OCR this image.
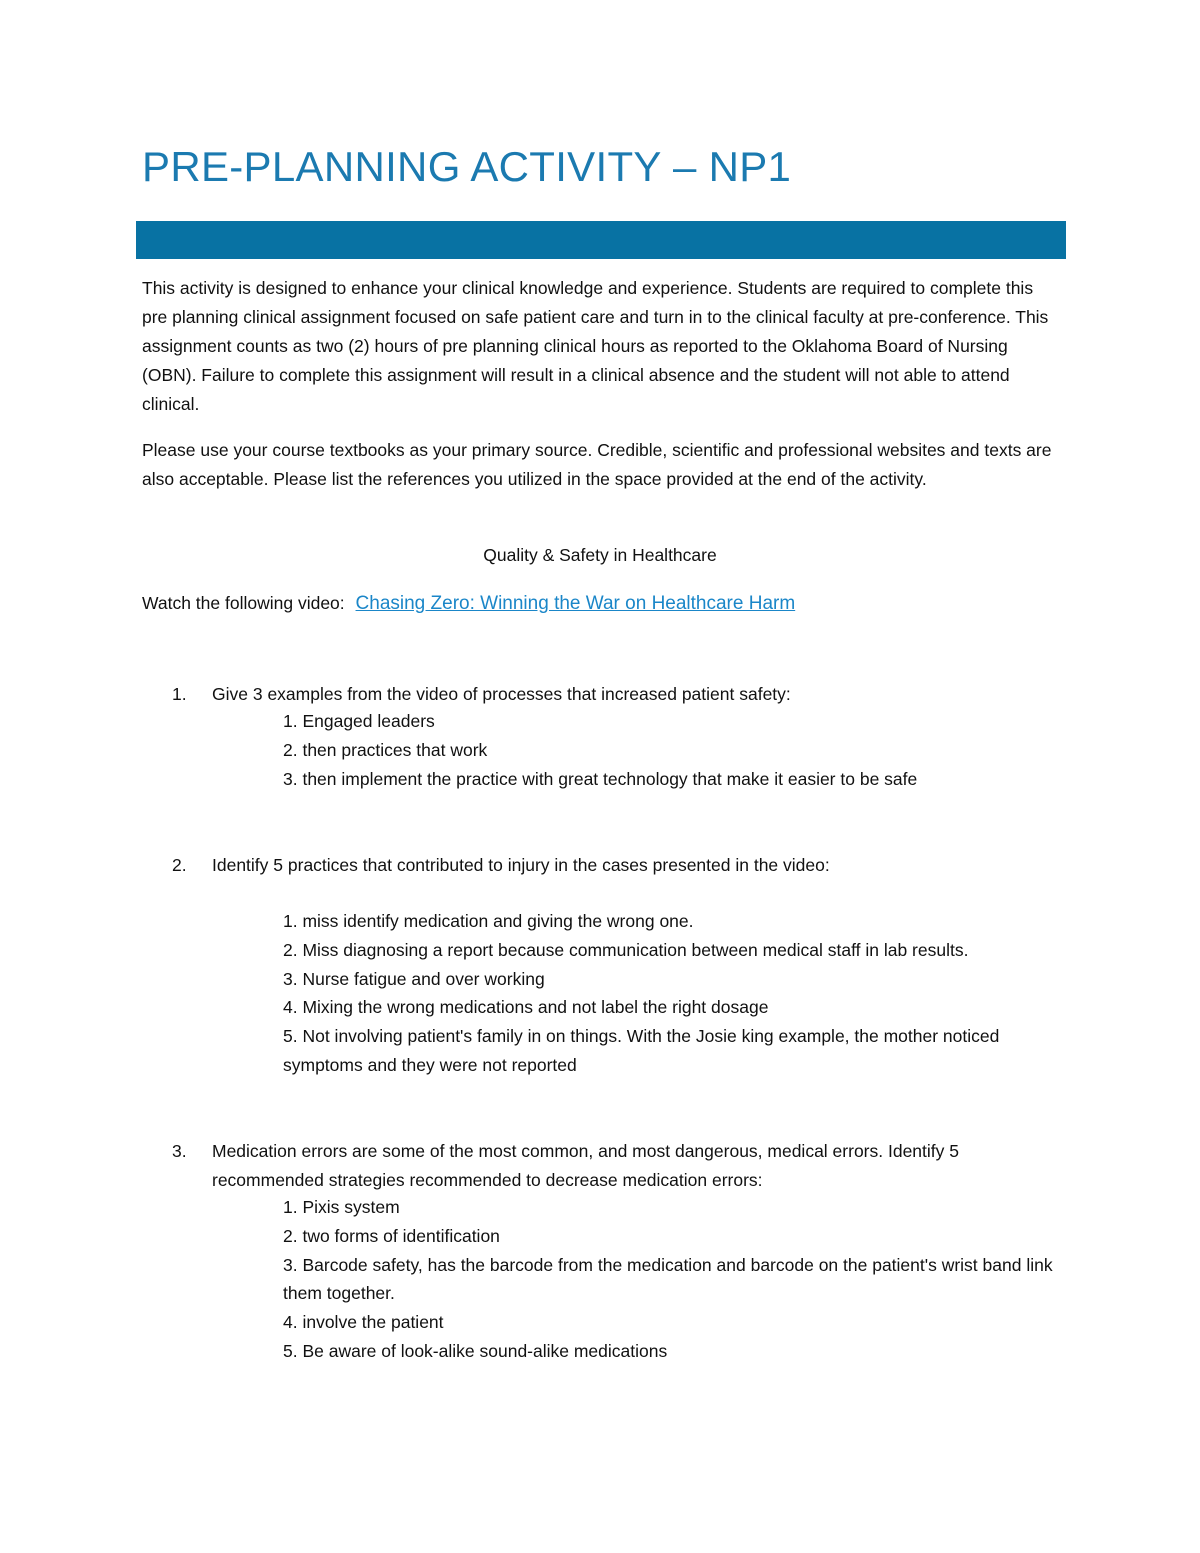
PRE-PLANNING ACTIVITY – NP1

This activity is designed to enhance your clinical knowledge and experience. Students are required to complete this pre planning clinical assignment focused on safe patient care and turn in to the clinical faculty at pre-conference. This assignment counts as two (2) hours of pre planning clinical hours as reported to the Oklahoma Board of Nursing (OBN). Failure to complete this assignment will result in a clinical absence and the student will not able to attend clinical.

Please use your course textbooks as your primary source. Credible, scientific and professional websites and texts are also acceptable. Please list the references you utilized in the space provided at the end of the activity.

Quality & Safety in Healthcare
Watch the following video: Chasing Zero: Winning the War on Healthcare Harm
1. Give 3 examples from the video of processes that increased patient safety:
1. Engaged leaders
2. then practices that work
3. then implement the practice with great technology that make it easier to be safe
2. Identify 5 practices that contributed to injury in the cases presented in the video:
1. miss identify medication and giving the wrong one.
2. Miss diagnosing a report because communication between medical staff in lab results.
3. Nurse fatigue and over working
4. Mixing the wrong medications and not label the right dosage
5. Not involving patient's family in on things. With the Josie king example, the mother noticed symptoms and they were not reported
3. Medication errors are some of the most common, and most dangerous, medical errors. Identify 5 recommended strategies recommended to decrease medication errors:
1. Pixis system
2. two forms of identification
3. Barcode safety, has the barcode from the medication and barcode on the patient's wrist band link them together.
4. involve the patient
5. Be aware of look-alike sound-alike medications
